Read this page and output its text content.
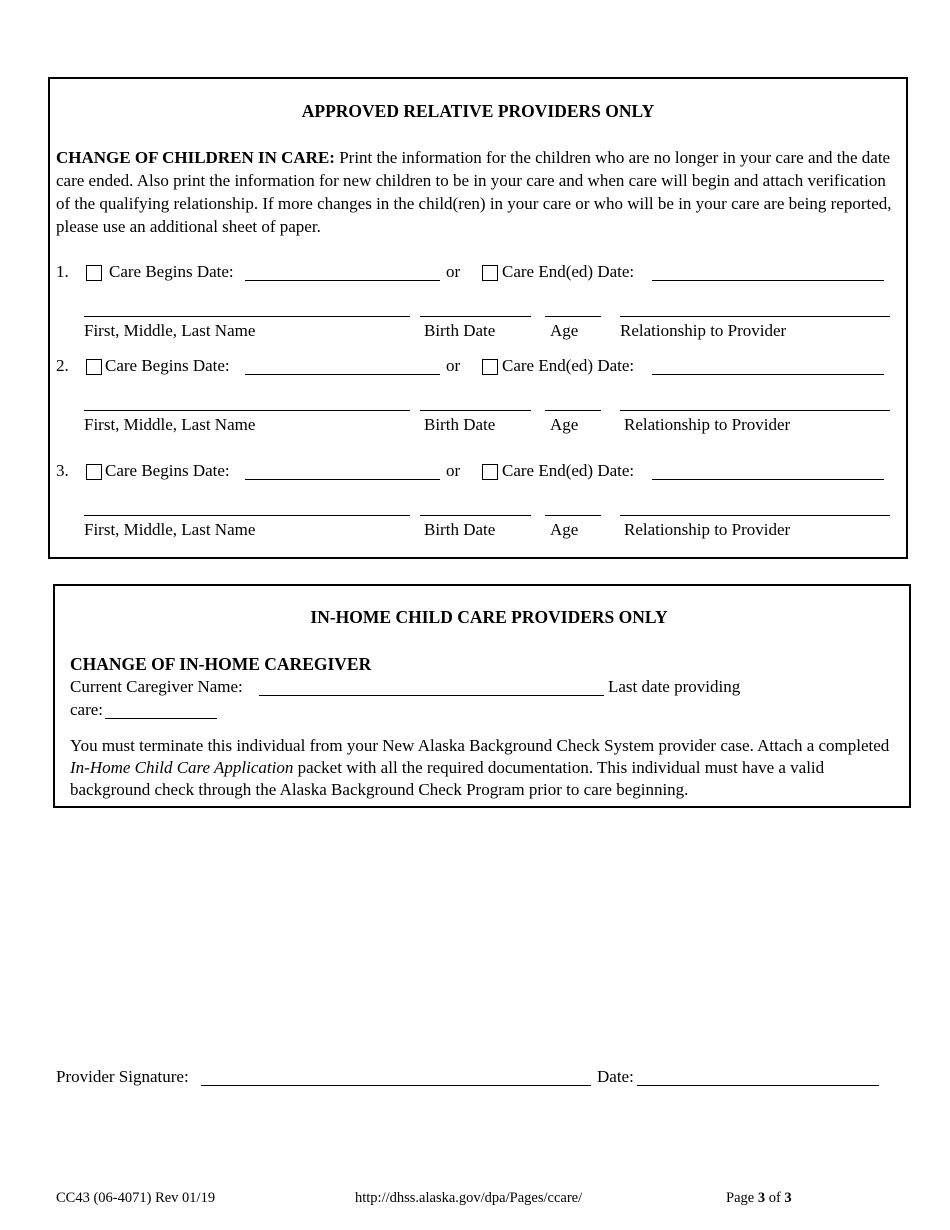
APPROVED RELATIVE PROVIDERS ONLY
CHANGE OF CHILDREN IN CARE: Print the information for the children who are no longer in your care and the date care ended. Also print the information for new children to be in your care and when care will begin and attach verification of the qualifying relationship. If more changes in the child(ren) in your care or who will be in your care are being reported, please use an additional sheet of paper.
1. Care Begins Date:	or Care End(ed) Date:
First, Middle, Last Name	Birth Date	Age Relationship to Provider
2. Care Begins Date:	or Care End(ed) Date:
First, Middle, Last Name	Birth Date	Age	Relationship to Provider
3. Care Begins Date:	or Care End(ed) Date:
First, Middle, Last Name	Birth Date	Age	Relationship to Provider
IN-HOME CHILD CARE PROVIDERS ONLY
CHANGE OF IN-HOME CAREGIVER
Current Caregiver Name:	Last date providing
care:
You must terminate this individual from your New Alaska Background Check System provider case. Attach a completed In-Home Child Care Application packet with all the required documentation. This individual must have a valid background check through the Alaska Background Check Program prior to care beginning.
Provider Signature:	Date:
CC43 (06-4071) Rev 01/19	http://dhss.alaska.gov/dpa/Pages/ccare/	Page 3 of 3
